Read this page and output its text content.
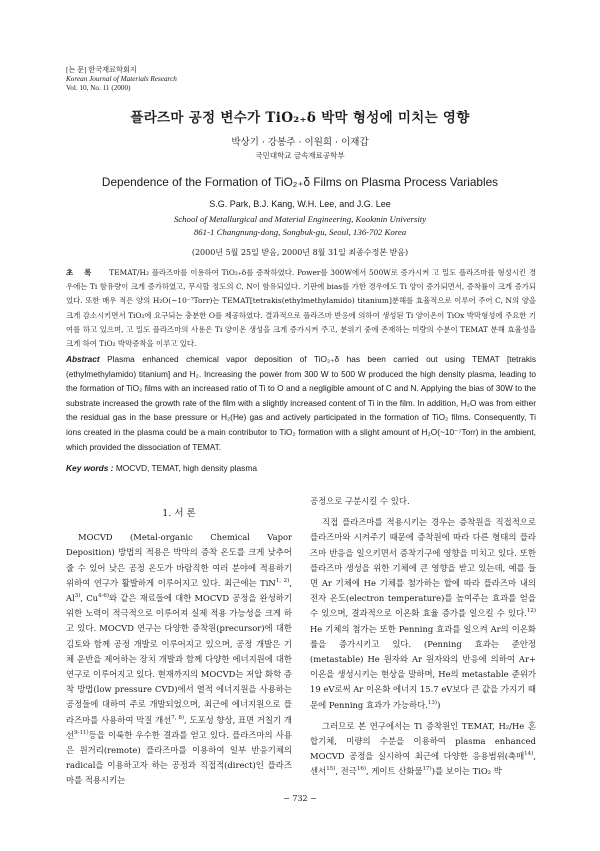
[논 문] 한국재료학회지
Korean Journal of Materials Research
Vol. 10, No. 11 (2000)
플라즈마 공정 변수가 TiO₂₊δ 박막 형성에 미치는 영향
박상기 · 강봉주 · 이원희 · 이재갑
국민대학교 금속재료공학부
Dependence of the Formation of TiO₂₊δ Films on Plasma Process Variables
S.G. Park, B.J. Kang, W.H. Lee, and J.G. Lee
School of Metallurgical and Material Engineering, Kookmin University
861-1 Changnung-dong, Songbuk-gu, Seoul, 136-702 Korea
(2000년 5월 25일 받음, 2000년 8월 31일 최종수정본 받음)
초 록 TEMAT/H₂ 플라즈마를 이용하여 TiO₂₊δ를 증착하였다. Power를 300W에서 500W로 증가시켜 고 밀도 플라즈마를 형성시킨 경우에는 Ti 함유량이 크게 증가하였고, 무시할 정도의 C, N이 함유되었다. 기판에 bias를 가한 경우에도 Ti 양이 증가되면서, 증착률이 크게 증가되었다. 또한 매우 적은 양의 H₂O(~10⁻⁷Torr)는 TEMAT[tetrakis(ethylmethylamido) titanium]분해를 효율적으로 이루어 주어 C, N의 양을 크게 감소시키면서 TiO₂에 요구되는 충분한 O를 제공하였다. 결과적으로 플라즈마 반응에 의하여 생성된 Ti 양이온이 TiOx 박막형성에 주요한 기여를 하고 있으며, 고 밀도 플라즈마의 사용은 Ti 양이온 생성을 크게 증가시켜 주고, 분위기 중에 존재하는 미량의 수분이 TEMAT 분해 효율성을 크게 하여 TiO₂ 박막증착을 이루고 있다.
Abstract Plasma enhanced chemical vapor deposition of TiO₂₊δ has been carried out using TEMAT [tetrakis (ethylmethylamido) titanium] and H₂. Increasing the power from 300 W to 500 W produced the high density plasma, leading to the formation of TiO₂ films with an increased ratio of Ti to O and a negligible amount of C and N. Applying the bias of 30W to the substrate increased the growth rate of the film with a slightly increased content of Ti in the film. In addition, H₂O was from either the residual gas in the base pressure or H₂(He) gas and actively participated in the formation of TiO₂ films. Consequently, Ti ions created in the plasma could be a main contributor to TiO₂ formation with a slight amount of H₂O(~10⁻⁷Torr) in the ambient, which provided the dissociation of TEMAT.
Key words : MOCVD, TEMAT, high density plasma
1. 서 론

MOCVD (Metal-organic Chemical Vapor Deposition) 방법의 적용은 박막의 증착 온도를 크게 낮추어 줄 수 있어 낮은 공정 온도가 바람직한 여러 분야에 적용하기 위하여 연구가 활발하게 이루어지고 있다. 최근에는 TiN$^{1, 2)}$, Al$^{3)}$, Cu$^{4-6)}$와 같은 재료들에 대한 MOCVD 공정을 완성하기 위한 노력이 적극적으로 이루어져 실제 적용 가능성을 크게 하고 있다. MOCVD 연구는 다양한 증착원(precursor)에 대한 김토와 함께 공정 개발로 이루어지고 있으며, 공정 개발은 기체 운반을 제어하는 장치 개발과 함께 다양한 에너지원에 대한 연구로 이루어지고 있다. 현재까지의 MOCVD는 저압 화학 증착 방법(low pressure CVD)에서 열적 에너지원을 사용하는 공정들에 대하여 주로 개발되었으며, 최근에 에너지원으로 플라즈마를 사용하여 막질 개선$^{7, 8)}$, 도포성 향상, 표면 거칠기 개선$^{9-11)}$등을 이룩한 우수한 결과를 얻고 있다. 플라즈마의 사용은 원거리(remote) 플라즈마를 이용하여 일부 반응기체의 radical을 이용하고자 하는 공정과 직접적(direct)인 플라즈마를 적용시키는

공정으로 구분시킬 수 있다.

직접 플라즈마를 적용시키는 경우는 증착원을 직접적으로 플라즈마와 시켜주기 때문에 증착원에 따라 다른 형태의 플라즈마 반응을 일으키면서 증착기구에 영향을 미치고 있다. 또한 플라즈마 생성을 위한 기체에 큰 영향을 받고 있는데, 예를 들면 Ar 기체에 He 기체를 첨가하는 할에 따라 플라즈마 내의 전자 온도(electron temperature)를 높여주는 효과를 얻을 수 있으며, 결과적으로 이온화 효율 증가를 일으킬 수 있다.$^{12)}$ He 기체의 첨가는 또한 Penning 효과를 일으켜 Ar의 이온화률을 증가시키고 있다. (Penning 효과는 준안정(metastable) He 원자와 Ar 원자와의 반응에 의하여 Ar+ 이온을 생성시키는 현상을 말하며, He의 metastable 준위가 19 eV로써 Ar 이온화 에너지 15.7 eV보다 큰 값을 가지기 때문에 Penning 효과가 가능하다.$^{13)}$)

그러므로 본 연구에서는 Ti 증착원인 TEMAT, H₂/He 혼합기체, 미량의 수분을 이용하여 plasma enhanced MOCVD 공정을 실시하여 최근에 다양한 응용범위(축매$^{14)}$, 센서$^{15)}$, 전극$^{16)}$, 게이트 산화물$^{17)}$)를 보이는 TiO₂ 박

− 732 −
